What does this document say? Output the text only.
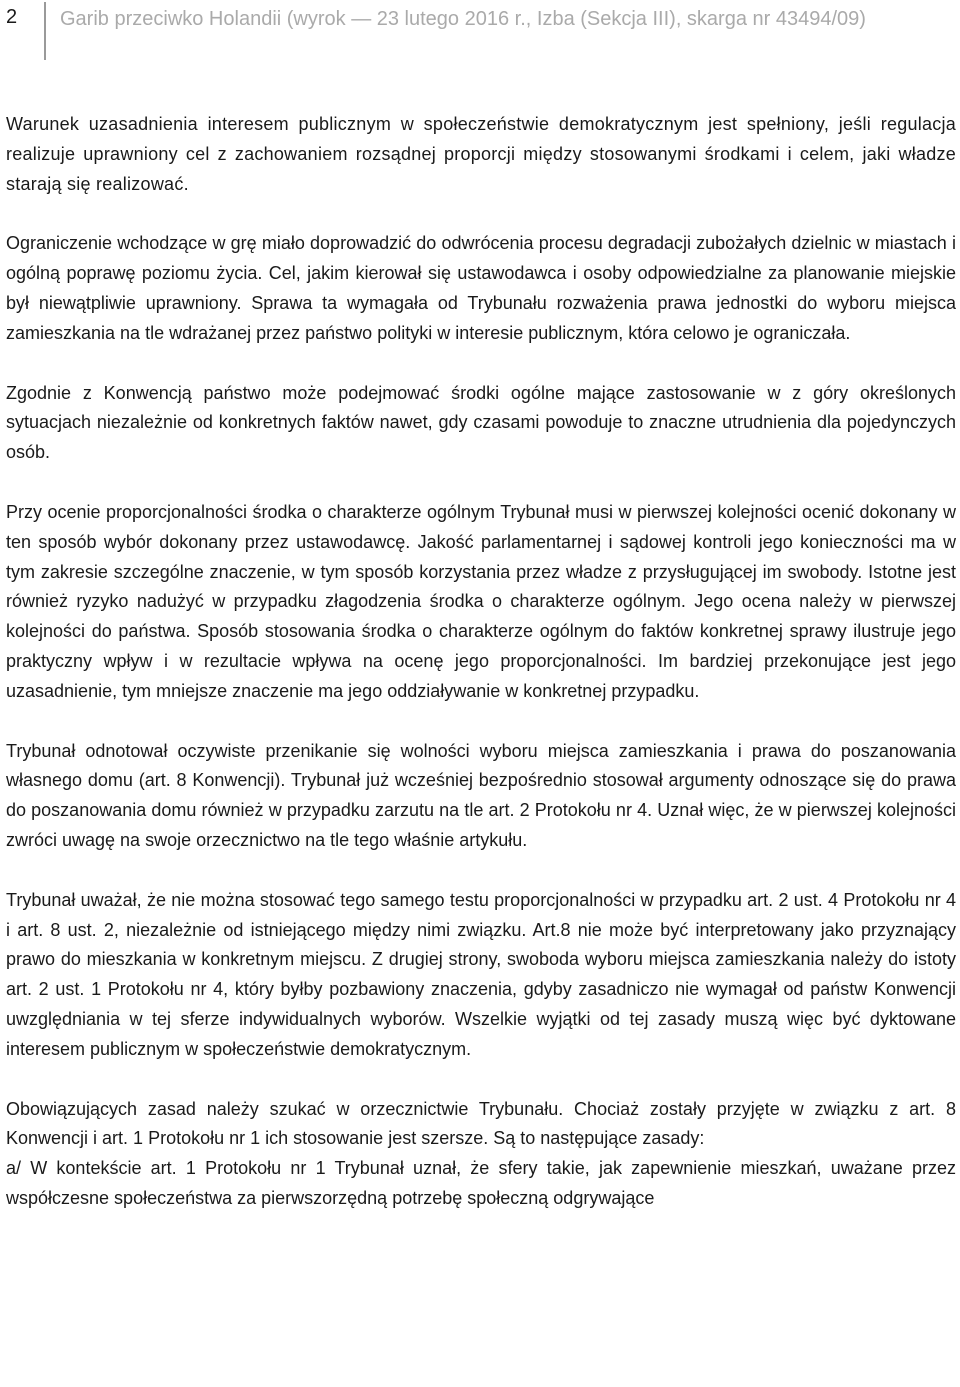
2 Garib przeciwko Holandii (wyrok — 23 lutego 2016 r., Izba (Sekcja III), skarga nr 43494/09)

Warunek uzasadnienia interesem publicznym w społeczeństwie demokratycznym jest spełniony, jeśli regulacja realizuje uprawniony cel z zachowaniem rozsądnej proporcji między stosowanymi środkami i celem, jaki władze starają się realizować.

Ograniczenie wchodzące w grę miało doprowadzić do odwrócenia procesu degradacji zubożałych dzielnic w miastach i ogólną poprawę poziomu życia. Cel, jakim kierował się ustawodawca i osoby odpowiedzialne za planowanie miejskie był niewątpliwie uprawniony. Sprawa ta wymagała od Trybunału rozważenia prawa jednostki do wyboru miejsca zamieszkania na tle wdrażanej przez państwo polityki w interesie publicznym, która celowo je ograniczała.

Zgodnie z Konwencją państwo może podejmować środki ogólne mające zastosowanie w z góry określonych sytuacjach niezależnie od konkretnych faktów nawet, gdy czasami powoduje to znaczne utrudnienia dla pojedynczych osób.

Przy ocenie proporcjonalności środka o charakterze ogólnym Trybunał musi w pierwszej kolejności ocenić dokonany w ten sposób wybór dokonany przez ustawodawcę. Jakość parlamentarnej i sądowej kontroli jego konieczności ma w tym zakresie szczególne znaczenie, w tym sposób korzystania przez władze z przysługującej im swobody. Istotne jest również ryzyko nadużyć w przypadku złagodzenia środka o charakterze ogólnym. Jego ocena należy w pierwszej kolejności do państwa. Sposób stosowania środka o charakterze ogólnym do faktów konkretnej sprawy ilustruje jego praktyczny wpływ i w rezultacie wpływa na ocenę jego proporcjonalności. Im bardziej przekonujące jest jego uzasadnienie, tym mniejsze znaczenie ma jego oddziaływanie w konkretnej przypadku.

Trybunał odnotował oczywiste przenikanie się wolności wyboru miejsca zamieszkania i prawa do poszanowania własnego domu (art. 8 Konwencji). Trybunał już wcześniej bezpośrednio stosował argumenty odnoszące się do prawa do poszanowania domu również w przypadku zarzutu na tle art. 2 Protokołu nr 4. Uznał więc, że w pierwszej kolejności zwróci uwagę na swoje orzecznictwo na tle tego właśnie artykułu.

Trybunał uważał, że nie można stosować tego samego testu proporcjonalności w przypadku art. 2 ust. 4 Protokołu nr 4 i art. 8 ust. 2, niezależnie od istniejącego między nimi związku. Art.8 nie może być interpretowany jako przyznający prawo do mieszkania w konkretnym miejscu. Z drugiej strony, swoboda wyboru miejsca zamieszkania należy do istoty art. 2 ust. 1 Protokołu nr 4, który byłby pozbawiony znaczenia, gdyby zasadniczo nie wymagał od państw Konwencji uwzględniania w tej sferze indywidualnych wyborów. Wszelkie wyjątki od tej zasady muszą więc być dyktowane interesem publicznym w społeczeństwie demokratycznym.

Obowiązujących zasad należy szukać w orzecznictwie Trybunału. Chociaż zostały przyjęte w związku z art. 8 Konwencji i art. 1 Protokołu nr 1 ich stosowanie jest szersze. Są to następujące zasady:
a/ W kontekście art. 1 Protokołu nr 1 Trybunał uznał, że sfery takie, jak zapewnienie mieszkań, uważane przez współczesne społeczeństwa za pierwszorzędną potrzebę społeczną odgrywające
